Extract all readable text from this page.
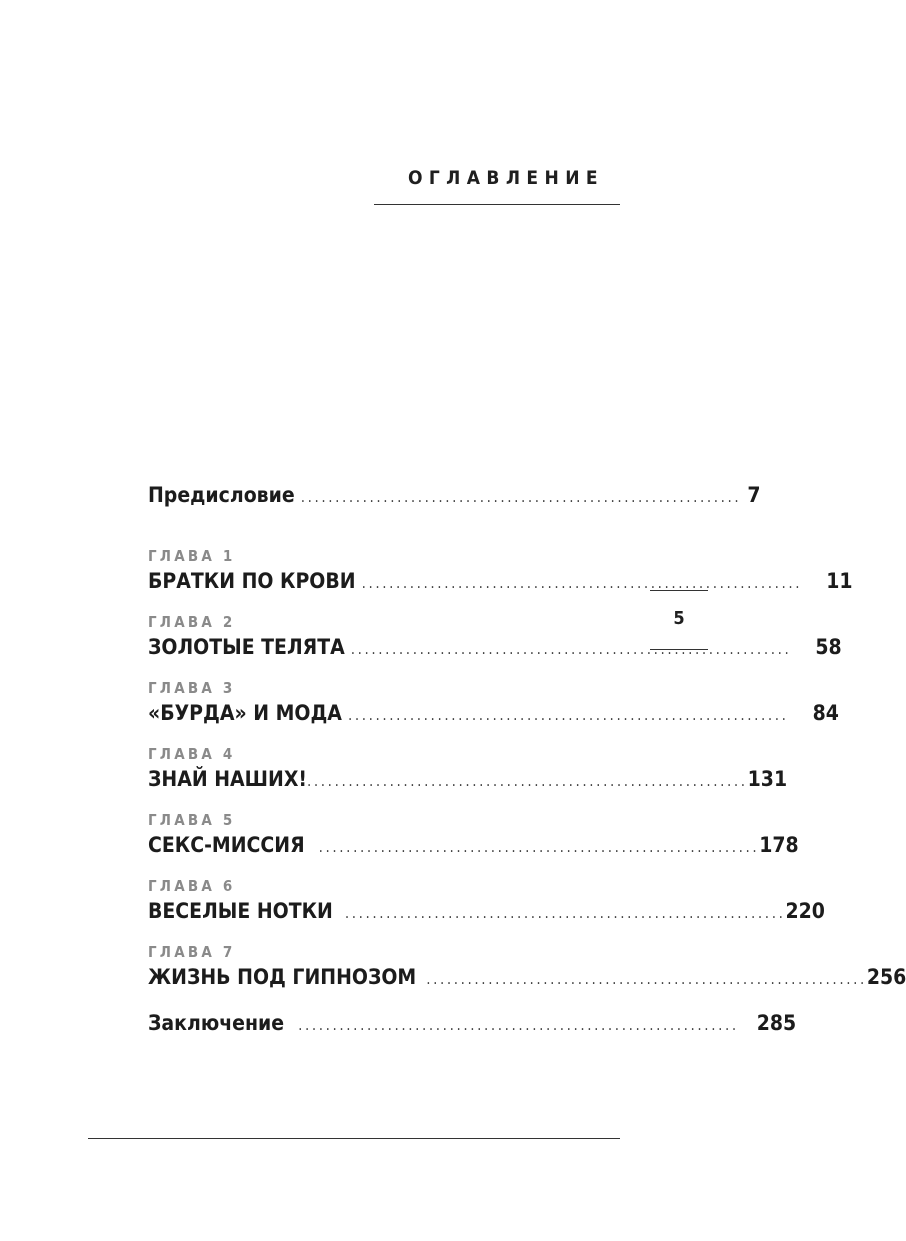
ОГЛАВЛЕНИЕ
Предисловие ................................................................ 7
ГЛАВА 1
БРАТКИ ПО КРОВИ ................................................................ 11
ГЛАВА 2
ЗОЛОТЫЕ ТЕЛЯТА ................................................................ 58
ГЛАВА 3
«БУРДА» И МОДА ................................................................ 84
ГЛАВА 4
ЗНАЙ НАШИХ! ................................................................ 131
ГЛАВА 5
СЕКС-МИССИЯ ................................................................ 178
ГЛАВА 6
ВЕСЕЛЫЕ НОТКИ ................................................................ 220
ГЛАВА 7
ЖИЗНЬ ПОД ГИПНОЗОМ ................................................................ 256
Заключение ................................................................ 285
5
